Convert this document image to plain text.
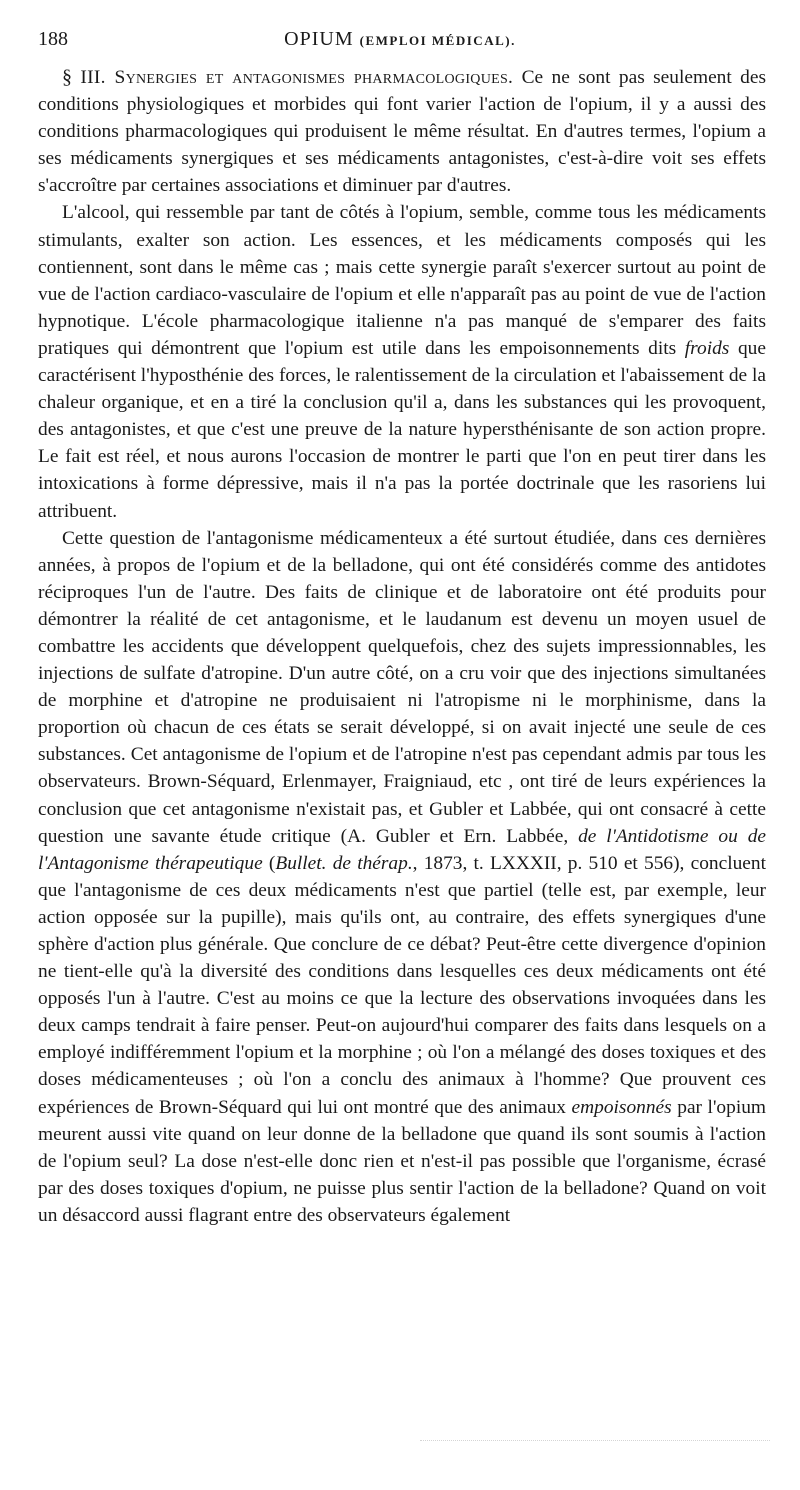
188	OPIUM (EMPLOI MÉDICAL).

§ III. Synergies et antagonismes pharmacologiques. Ce ne sont pas seulement des conditions physiologiques et morbides qui font varier l'action de l'opium, il y a aussi des conditions pharmacologiques qui produisent le même résultat. En d'autres termes, l'opium a ses médicaments synergiques et ses médicaments antagonistes, c'est-à-dire voit ses effets s'accroître par certaines associations et diminuer par d'autres.

L'alcool, qui ressemble par tant de côtés à l'opium, semble, comme tous les médicaments stimulants, exalter son action. Les essences, et les médicaments composés qui les contiennent, sont dans le même cas ; mais cette synergie paraît s'exercer surtout au point de vue de l'action cardiaco-vasculaire de l'opium et elle n'apparaît pas au point de vue de l'action hypnotique. L'école pharmacologique italienne n'a pas manqué de s'emparer des faits pratiques qui démontrent que l'opium est utile dans les empoisonnements dits froids que caractérisent l'hyposthénie des forces, le ralentissement de la circulation et l'abaissement de la chaleur organique, et en a tiré la conclusion qu'il a, dans les substances qui les provoquent, des antagonistes, et que c'est une preuve de la nature hypersthénisante de son action propre. Le fait est réel, et nous aurons l'occasion de montrer le parti que l'on en peut tirer dans les intoxications à forme dépressive, mais il n'a pas la portée doctrinale que les rasoriens lui attribuent.

Cette question de l'antagonisme médicamenteux a été surtout étudiée, dans ces dernières années, à propos de l'opium et de la belladone, qui ont été considérés comme des antidotes réciproques l'un de l'autre. Des faits de clinique et de laboratoire ont été produits pour démontrer la réalité de cet antagonisme, et le laudanum est devenu un moyen usuel de combattre les accidents que développent quelquefois, chez des sujets impressionnables, les injections de sulfate d'atropine. D'un autre côté, on a cru voir que des injections simultanées de morphine et d'atropine ne produisaient ni l'atropisme ni le morphinisme, dans la proportion où chacun de ces états se serait développé, si on avait injecté une seule de ces substances. Cet antagonisme de l'opium et de l'atropine n'est pas cependant admis par tous les observateurs. Brown-Séquard, Erlenmayer, Fraigniaud, etc , ont tiré de leurs expériences la conclusion que cet antagonisme n'existait pas, et Gubler et Labbée, qui ont consacré à cette question une savante étude critique (A. Gubler et Ern. Labbée, de l'Antidotisme ou de l'Antagonisme thérapeutique (Bullet. de thérap., 1873, t. LXXXII, p. 510 et 556), concluent que l'antagonisme de ces deux médicaments n'est que partiel (telle est, par exemple, leur action opposée sur la pupille), mais qu'ils ont, au contraire, des effets synergiques d'une sphère d'action plus générale. Que conclure de ce débat? Peut-être cette divergence d'opinion ne tient-elle qu'à la diversité des conditions dans lesquelles ces deux médicaments ont été opposés l'un à l'autre. C'est au moins ce que la lecture des observations invoquées dans les deux camps tendrait à faire penser. Peut-on aujourd'hui comparer des faits dans lesquels on a employé indifféremment l'opium et la morphine ; où l'on a mélangé des doses toxiques et des doses médicamenteuses ; où l'on a conclu des animaux à l'homme? Que prouvent ces expériences de Brown-Séquard qui lui ont montré que des animaux empoisonnés par l'opium meurent aussi vite quand on leur donne de la belladone que quand ils sont soumis à l'action de l'opium seul? La dose n'est-elle donc rien et n'est-il pas possible que l'organisme, écrasé par des doses toxiques d'opium, ne puisse plus sentir l'action de la belladone? Quand on voit un désaccord aussi flagrant entre des observateurs également
